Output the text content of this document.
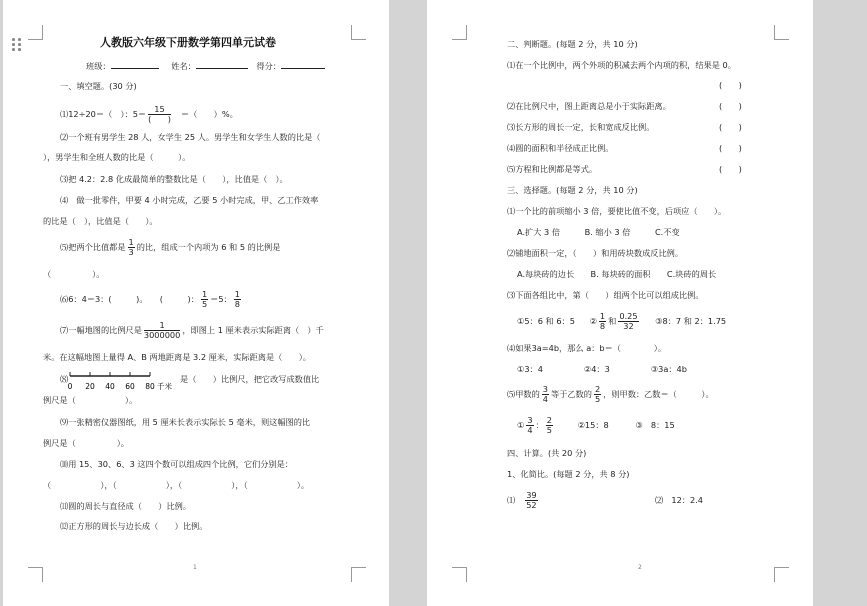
人教版六年级下册数学第四单元试卷
班级：	姓名：	得分：
一、填空题。(30 分)
⑴12÷20＝（　）：$5= \frac{15}{( )}$ ＝（　　）%。
⑵一个班有男学生 28 人，女学生 25 人。男学生和女学生人数的比是（
），男学生和全班人数的比是（　　　）。
⑶把 4.2：2.8 化成最简单的整数比是（　　），比值是（　）。
⑷　做一批零件，甲要 4 小时完成，乙要 5 小时完成，甲、乙工作效率
的比是（　），比值是（　　）。
⑸把两个比值都是 $\frac{1}{3}$ 的比，组成一个内项为 6 和 5 的比例是
（　　　　　）。
⑹6：4＝3：(　　　)。　　(　　　)： $\frac{1}{5} =5$： $\frac{1}{8}$
⑺一幅地图的比例尺是 $\frac{1}{3000000}$ ，即图上 1 厘米表示实际距离（　）千
米。在这幅地图上量得 A、B 两地距离是 3.2 厘米，实际距离是（　　）。
⑻
0 20 40 60 80 千米
是（　　）比例尺，把它改写成数值比
例尺是（　　　　　　）。
⑼一张精密仪器图纸，用 5 厘米长表示实际长 5 毫米，则这幅图的比
例尺是（　　　　　）。
⑽用 15、30、6、3 这四个数可以组成四个比例，它们分别是：
（　　　　　　），（　　　　　　），（　　　　　　），（　　　　　　）。
⑾圆的周长与直径成（　　）比例。
⑿正方形的周长与边长成（　　）比例。
1
二、判断题。(每题 2 分，共 10 分)
⑴在一个比例中，两个外项的积减去两个内项的积，结果是 0。
(　　)
⑵在比例尺中，图上距离总是小于实际距离。	(　　)
⑶长方形的周长一定，长和宽成反比例。	(　　)
⑷圆的面积和半径成正比例。	(　　)
⑸方程和比例都是等式。	(　　)
三、选择题。(每题 2 分，共 10 分)
⑴一个比的前项缩小 3 倍，要使比值不变，后项应（　　）。
A.扩大 3 倍　　　B. 缩小 3 倍　　　C.不变
⑵铺地面积一定，（　　）和用砖块数成反比例。
A.每块砖的边长　　B. 每块砖的面积　　C.块砖的周长
⑶下面各组比中，第（　　）组两个比可以组成比例。
①5：6 和 6：5 ② $\frac{1}{8}$ 和 $\frac{0.25}{32}$ ③8：7 和 2：1.75
⑷如果3a=4b，那么 a：b＝（　　　　）。
①3：4　　　　　②4：3　　　　　③3a：4b
⑸甲数的 $\frac{3}{4}$ 等于乙数的 $\frac{2}{5}$ ，则甲数：乙数＝（　　　）。
① $\frac{3}{4}$ ： $\frac{2}{5}$	②15：8	③　8：15
四、计算。(共 20 分)
1、化简比。(每题 2 分，共 8 分)
⑴ $\frac{39}{52}$	⑵　12：2.4
2
